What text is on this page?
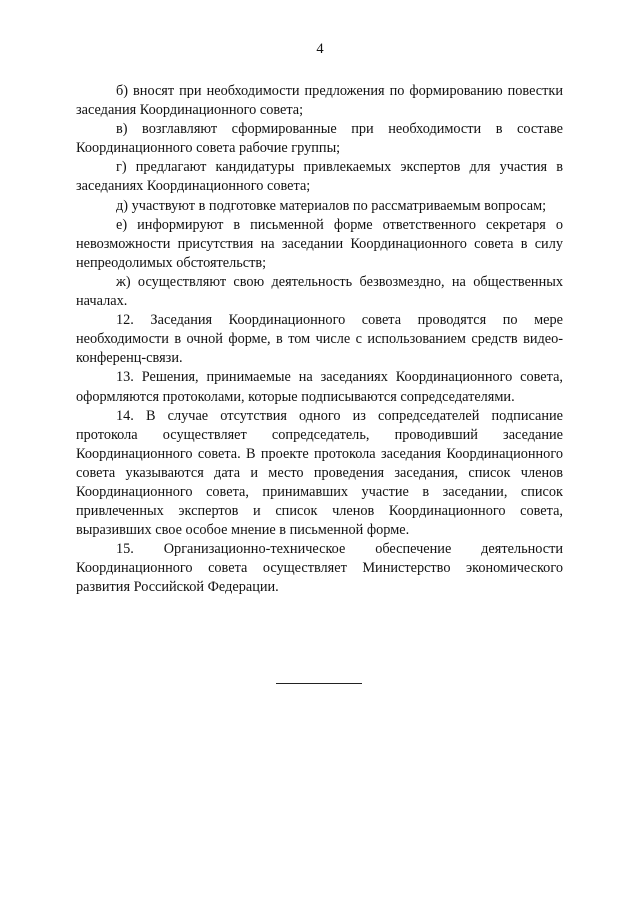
4

б) вносят при необходимости предложения по формированию повестки заседания Координационного совета;

в) возглавляют сформированные при необходимости в составе Координационного совета рабочие группы;

г) предлагают кандидатуры привлекаемых экспертов для участия в заседаниях Координационного совета;

д) участвуют в подготовке материалов по рассматриваемым вопросам;

е) информируют в письменной форме ответственного секретаря о невозможности присутствия на заседании Координационного совета в силу непреодолимых обстоятельств;

ж) осуществляют свою деятельность безвозмездно, на общественных началах.

12. Заседания Координационного совета проводятся по мере необходимости в очной форме, в том числе с использованием средств видео-конференц-связи.

13. Решения, принимаемые на заседаниях Координационного совета, оформляются протоколами, которые подписываются сопредседателями.

14. В случае отсутствия одного из сопредседателей подписание протокола осуществляет сопредседатель, проводивший заседание Координационного совета. В проекте протокола заседания Координационного совета указываются дата и место проведения заседания, список членов Координационного совета, принимавших участие в заседании, список привлеченных экспертов и список членов Координационного совета, выразивших свое особое мнение в письменной форме.

15. Организационно-техническое обеспечение деятельности Координационного совета осуществляет Министерство экономического развития Российской Федерации.
